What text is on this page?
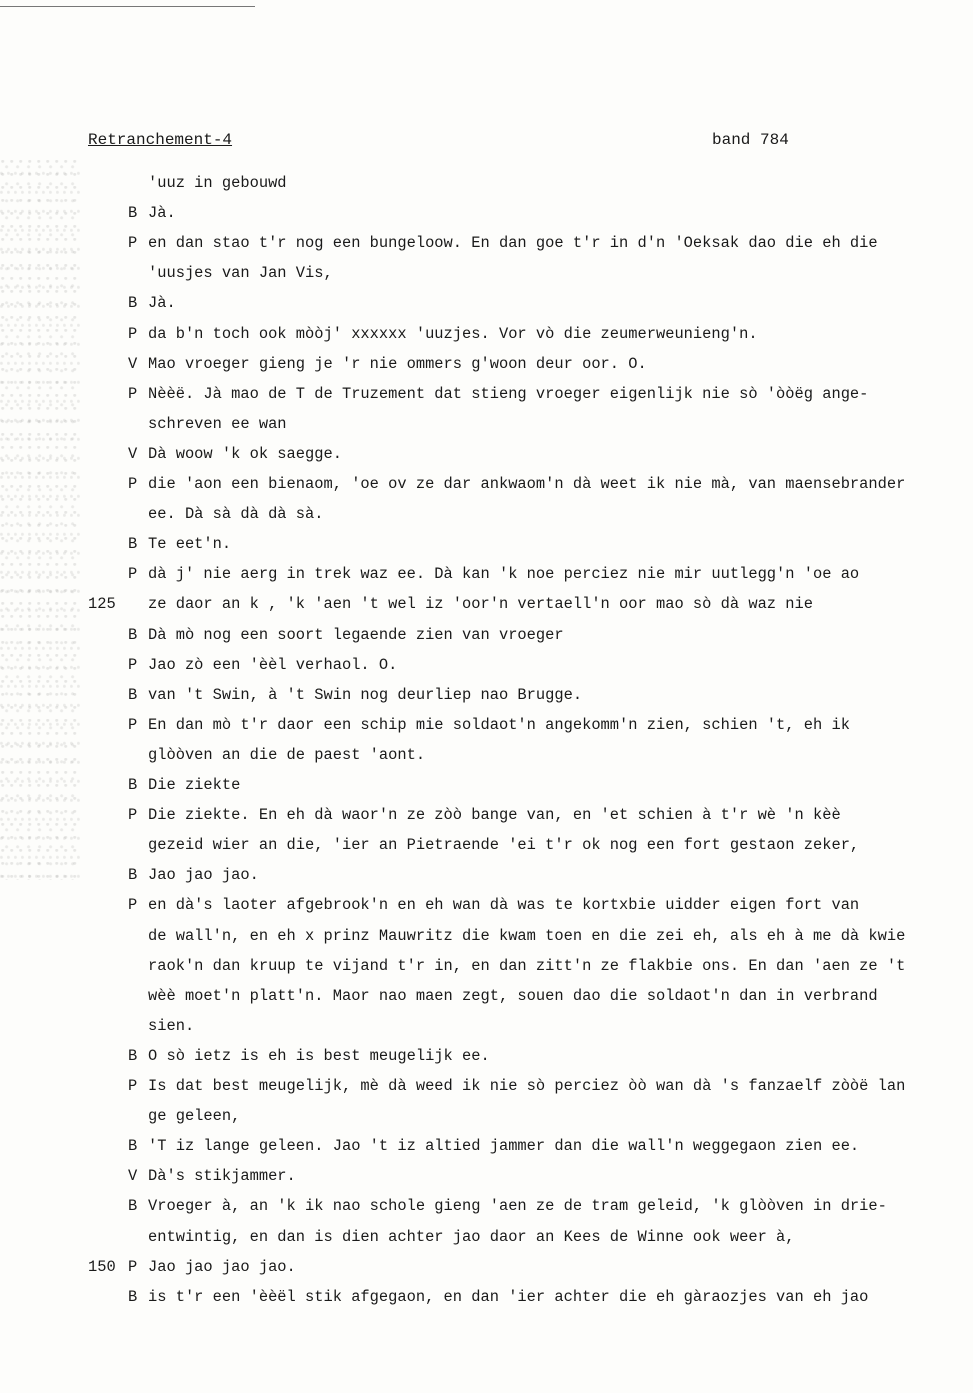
Retranchement-4	band 784
'uuz in gebouwd
B Jà.
P en dan stao t'r nog een bungeloow. En dan goe t'r in d'n 'Oeksak dao die eh die
'uusjes van Jan Vis,
B Jà.
P da b'n toch ook mòòj' xxxxxx 'uuzjes. Vor vò die zeumerweunieng'n.
V Mao vroeger gieng je 'r nie ommers g'woon deur oor. O.
P Nèèë. Jà mao de T de Truzement dat stieng vroeger eigenlijk nie sò 'òòëg ange-
schreven ee wan
V Dà woow 'k ok saegge.
P die 'aon een bienaom, 'oe ov ze dar ankwaom'n dà weet ik nie mà, van maensebrander
ee. Dà sà dà dà sà.
B Te eet'n.
P dà j' nie aerg in trek waz ee. Dà kan 'k noe perciez nie mir uutlegg'n 'oe ao
125	ze daor an k , 'k 'aen 't wel iz 'oor'n vertaell'n oor mao sò dà waz nie
B Dà mò nog een soort legaende zien van vroeger
P Jao zò een 'èèl verhaol. O.
B van 't Swin, à 't Swin nog deurliep nao Brugge.
P En dan mò t'r daor een schip mie soldaot'n angekomm'n zien, schien 't, eh ik
glòòven an die de paest 'aont.
B Die ziekte
P Die ziekte. En eh dà waor'n ze zòò bange van, en 'et schien à t'r wè 'n kèè
gezeid wier an die, 'ier an Pietraende 'ei t'r ok nog een fort gestaon zeker,
B Jao jao jao.
P en dà's laoter afgebrook'n en eh wan dà was te kortxbie uidder eigen fort van
de wall'n, en eh x prinz Mauwritz die kwam toen en die zei eh, als eh à me dà kwie
raok'n dan kruup te vijand t'r in, en dan zitt'n ze flakbie ons. En dan 'aen ze 't
wèè moet'n platt'n. Maor nao maen zegt, souen dao die soldaot'n dan in verbrand
sien.
B O sò ietz is eh is best meugelijk ee.
P Is dat best meugelijk, mè dà weed ik nie sò perciez òò wan dà 's fanzaelf zòòë lan
ge geleen,
B 'T iz lange geleen. Jao 't iz altied jammer dan die wall'n weggegaon zien ee.
V Dà's stikjammer.
B Vroeger à, an 'k ik nao schole gieng 'aen ze de tram geleid, 'k glòòven in drie-
entwintig, en dan is dien achter jao daor an Kees de Winne ook weer à,
150 P Jao jao jao jao.
B is t'r een 'èèël stik afgegaon, en dan 'ier achter die eh gàraozjes van eh jao
